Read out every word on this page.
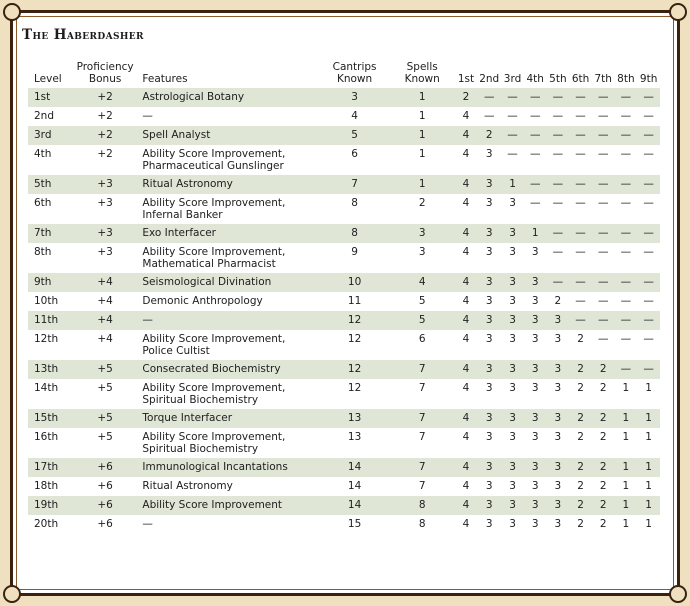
The Haberdasher
Level	Proficiency Bonus	Features	Cantrips Known	Spells Known	1st	2nd	3rd	4th	5th	6th	7th	8th	9th
1st	+2	Astrological Botany	3	1	2	—	—	—	—	—	—	—	—
2nd	+2	—	4	1	4	—	—	—	—	—	—	—	—
3rd	+2	Spell Analyst	5	1	4	2	—	—	—	—	—	—	—
4th	+2	Ability Score Improvement, Pharmaceutical Gunslinger	6	1	4	3	—	—	—	—	—	—	—
5th	+3	Ritual Astronomy	7	1	4	3	1	—	—	—	—	—	—
6th	+3	Ability Score Improvement, Infernal Banker	8	2	4	3	3	—	—	—	—	—	—
7th	+3	Exo Interfacer	8	3	4	3	3	1	—	—	—	—	—
8th	+3	Ability Score Improvement, Mathematical Pharmacist	9	3	4	3	3	3	—	—	—	—	—
9th	+4	Seismological Divination	10	4	4	3	3	3	—	—	—	—	—
10th	+4	Demonic Anthropology	11	5	4	3	3	3	2	—	—	—	—
11th	+4	—	12	5	4	3	3	3	3	—	—	—	—
12th	+4	Ability Score Improvement, Police Cultist	12	6	4	3	3	3	3	2	—	—	—
13th	+5	Consecrated Biochemistry	12	7	4	3	3	3	3	2	2	—	—
14th	+5	Ability Score Improvement, Spiritual Biochemistry	12	7	4	3	3	3	3	2	2	1	1
15th	+5	Torque Interfacer	13	7	4	3	3	3	3	2	2	1	1
16th	+5	Ability Score Improvement, Spiritual Biochemistry	13	7	4	3	3	3	3	2	2	1	1
17th	+6	Immunological Incantations	14	7	4	3	3	3	3	2	2	1	1
18th	+6	Ritual Astronomy	14	7	4	3	3	3	3	2	2	1	1
19th	+6	Ability Score Improvement	14	8	4	3	3	3	3	2	2	1	1
20th	+6	—	15	8	4	3	3	3	3	2	2	1	1
